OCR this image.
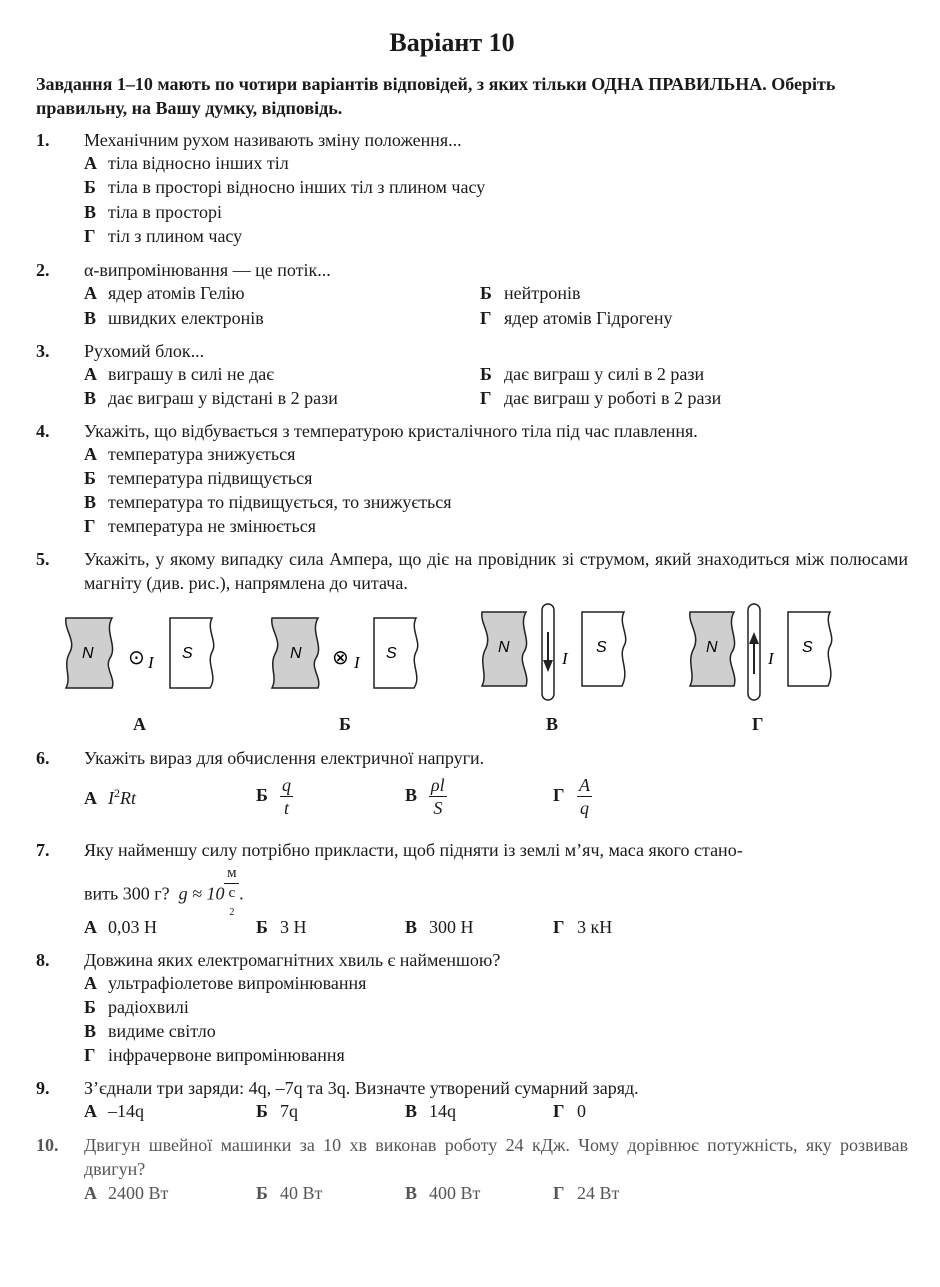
Варіант 10
Завдання 1–10 мають по чотири варіантів відповідей, з яких тільки ОДНА ПРАВИЛЬНА. Оберіть правильну, на Вашу думку, відповідь.
1. Механічним рухом називають зміну положення...
А тіла відносно інших тіл
Б тіла в просторі відносно інших тіл з плином часу
В тіла в просторі
Г тіл з плином часу
2. α-випромінювання — це потік...
А ядер атомів Гелію	Б нейтронів
В швидких електронів	Г ядер атомів Гідрогену
3. Рухомий блок...
А виграшу в силі не дає	Б дає виграш у силі в 2 рази
В дає виграш у відстані в 2 рази	Г дає виграш у роботі в 2 рази
4. Укажіть, що відбувається з температурою кристалічного тіла під час плавлення.
А температура знижується
Б температура підвищується
В температура то підвищується, то знижується
Г температура не змінюється
5. Укажіть, у якому випадку сила Ампера, що діє на провідник зі струмом, який знаходиться між полюсами магніту (див. рис.), напрямлена до читача.
N ⊙ I S
А
N ⊗ I S
Б
N
I
S
В
N
I
S
Г
6. Укажіть вираз для обчислення електричної напруги.
А $I^2Rt$	Б $\frac{q}{t}$	В $\frac{\rho l}{S}$	Г $\frac{A}{q}$
7. Яку найменшу силу потрібно прикласти, щоб підняти із землі м’яч, маса якого стано-
вить 300 г? g ≈ 10 м
с
$^2$ .
А 0,03 Н	Б 3 Н	В 300 Н	Г 3 кН
8. Довжина яких електромагнітних хвиль є найменшою?
А ультрафіолетове випромінювання
Б радіохвилі
В видиме світло
Г інфрачервоне випромінювання
9. З’єднали три заряди: 4q, –7q та 3q. Визначте утворений сумарний заряд.
А –14q	Б 7q	В 14q	Г 0
10. Двигун швейної машинки за 10 хв виконав роботу 24 кДж. Чому дорівнює потужність, яку розвивав двигун?
А 2400 Вт	Б 40 Вт	В 400 Вт	Г 24 Вт
